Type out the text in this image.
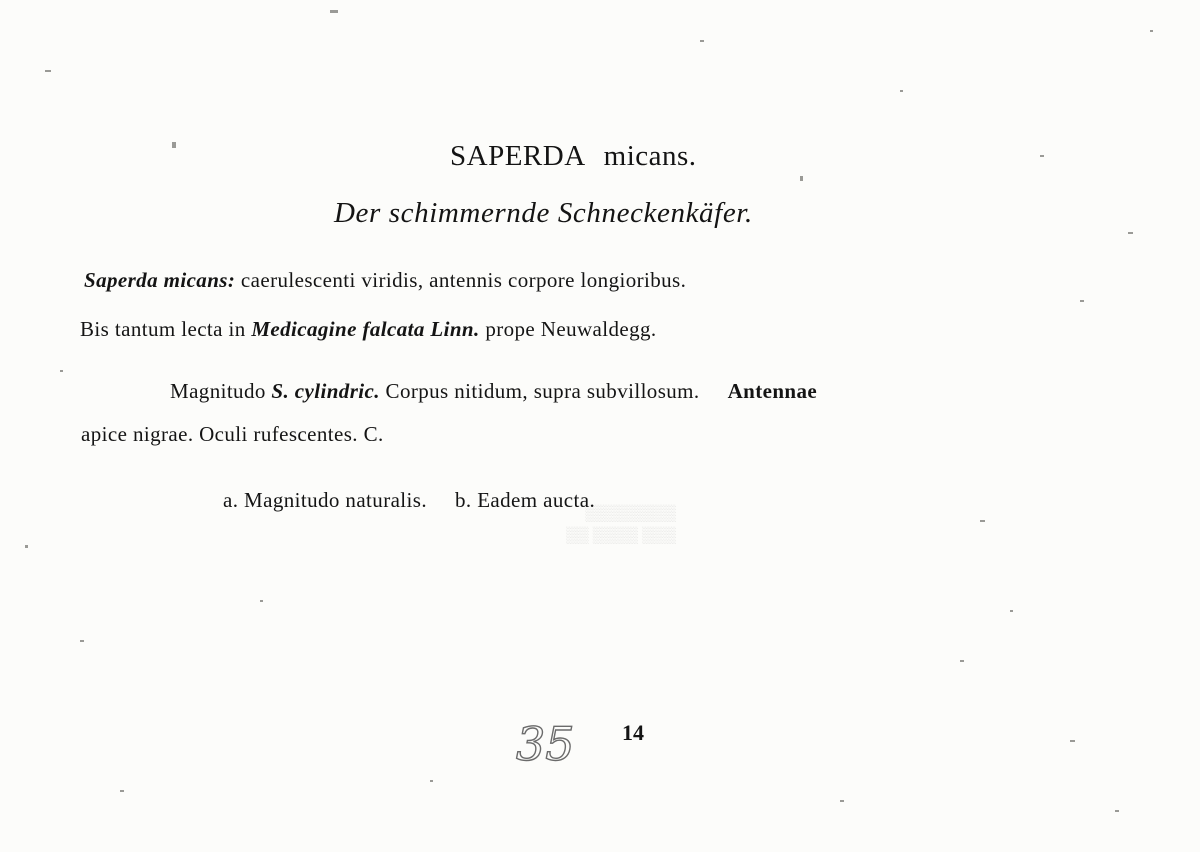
SAPERDA micans.
Der schimmernde Schneckenkäfer.
Saperda micans: caerulescenti viridis, antennis corpore longioribus.
Bis tantum lecta in Medicagine falcata Linn. prope Neuwaldegg.
Magnitudo S. cylindric. Corpus nitidum, supra subvillosum. Antennae
apice nigrae. Oculi rufescentes. C.
a. Magnitudo naturalis. b. Eadem aucta.
▒▒▒▒▒▒▒▒
▒▒▒ ▒▒▒▒ ▒▒
35 14
